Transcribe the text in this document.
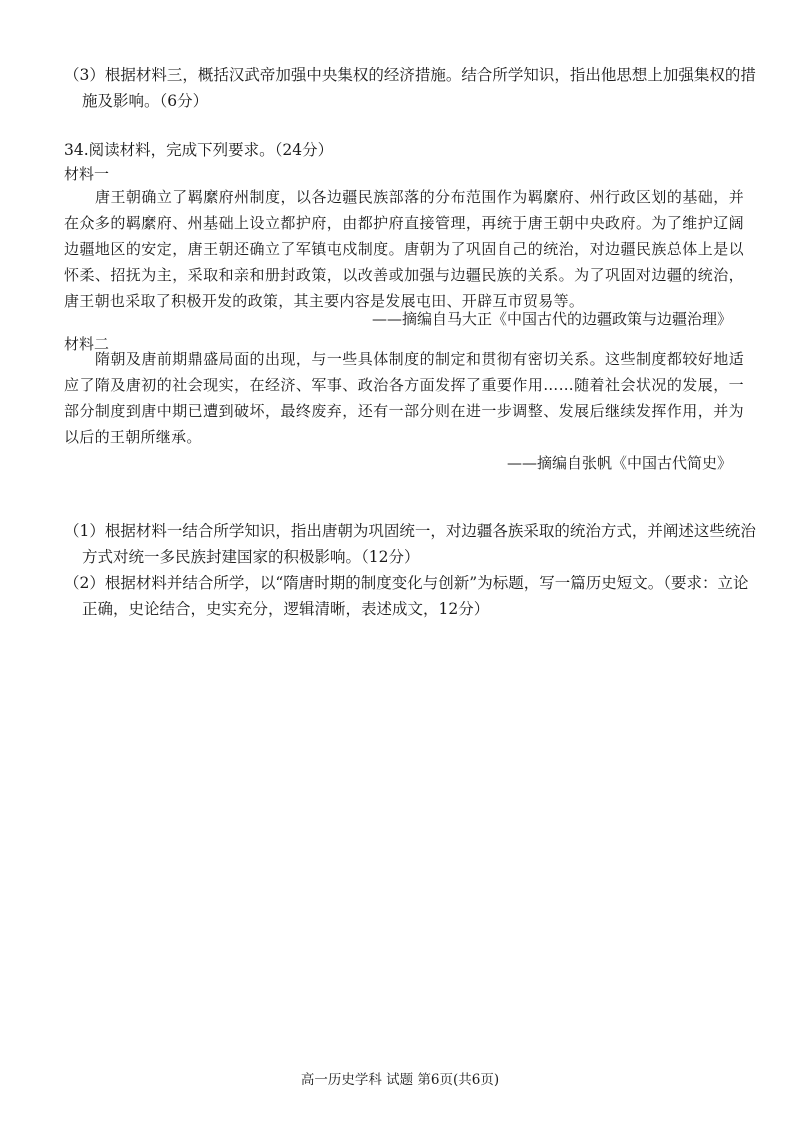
（3）根据材料三，概括汉武帝加强中央集权的经济措施。结合所学知识，指出他思想上加强集权的措施及影响。（6分）

34.阅读材料，完成下列要求。（24分）

材料一

唐王朝确立了羁縻府州制度，以各边疆民族部落的分布范围作为羁縻府、州行政区划的基础，并在众多的羁縻府、州基础上设立都护府，由都护府直接管理，再统于唐王朝中央政府。为了维护辽阔边疆地区的安定，唐王朝还确立了军镇屯戍制度。唐朝为了巩固自己的统治，对边疆民族总体上是以怀柔、招抚为主，采取和亲和册封政策，以改善或加强与边疆民族的关系。为了巩固对边疆的统治，唐王朝也采取了积极开发的政策，其主要内容是发展屯田、开辟互市贸易等。

——摘编自马大正《中国古代的边疆政策与边疆治理》

材料二

隋朝及唐前期鼎盛局面的出现，与一些具体制度的制定和贯彻有密切关系。这些制度都较好地适应了隋及唐初的社会现实，在经济、军事、政治各方面发挥了重要作用……随着社会状况的发展，一部分制度到唐中期已遭到破坏，最终废弃，还有一部分则在进一步调整、发展后继续发挥作用，并为以后的王朝所继承。

——摘编自张帆《中国古代简史》

（1）根据材料一结合所学知识，指出唐朝为巩固统一，对边疆各族采取的统治方式，并阐述这些统治方式对统一多民族封建国家的积极影响。（12分）

（2）根据材料并结合所学，以“隋唐时期的制度变化与创新”为标题，写一篇历史短文。（要求：立论正确，史论结合，史实充分，逻辑清晰，表述成文，12分）

高一历史学科 试题 第6页(共6页)
